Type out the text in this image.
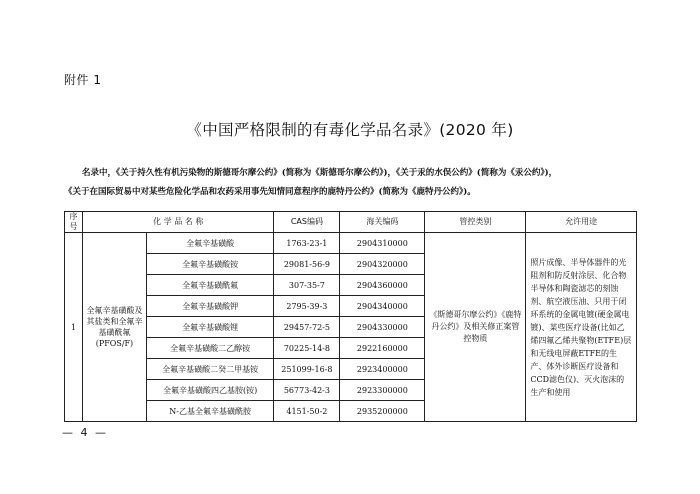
附件 1
《中国严格限制的有毒化学品名录》(2020 年)

名录中，《关于持久性有机污染物的斯德哥尔摩公约》(简称为《斯德哥尔摩公约》)，《关于汞的水俣公约》(简称为《汞公约》)，

《关于在国际贸易中对某些危险化学品和农药采用事先知情同意程序的鹿特丹公约》(简称为《鹿特丹公约》)。

序号	化 学 品 名 称		CAS编码	海关编码	管控类别	允许用途
1	全氟辛基磺酸及其盐类和全氟辛基磺酰氟(PFOS/F)	全氟辛基磺酸	1763-23-1	2904310000	《斯德哥尔摩公约》《鹿特丹公约》及相关修正案管控物质	照片成像、半导体器件的光阻剂和防反射涂层、化合物半导体和陶瓷滤芯的刻蚀剂、航空液压油、只用于闭环系统的金属电镀(硬金属电镀)、某些医疗设备(比如乙烯四氟乙烯共聚物(ETFE)层和无线电屏蔽ETFE的生产、体外诊断医疗设备和CCD滤色仪)、灭火泡沫的生产和使用
		全氟辛基磺酸铵	29081-56-9	2904320000		
		全氟辛基磺酰氟	307-35-7	2904360000		
		全氟辛基磺酸钾	2795-39-3	2904340000		
		全氟辛基磺酸锂	29457-72-5	2904330000		
		全氟辛基磺酸二乙醇铵	70225-14-8	2922160000		
		全氟辛基磺酸二癸二甲基铵	251099-16-8	2923400000		
		全氟辛基磺酸四乙基胺(铵)	56773-42-3	2923300000		
		N-乙基全氟辛基磺酰胺	4151-50-2	2935200000		
— 4 —
